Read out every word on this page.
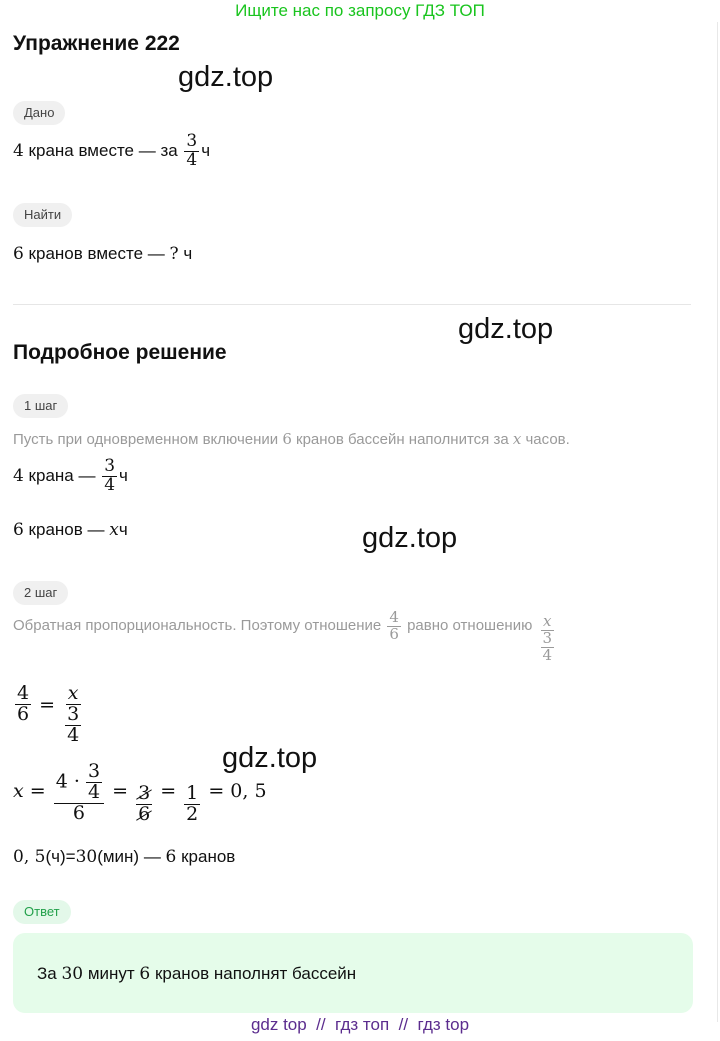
Ищите нас по запросу ГДЗ ТОП
Упражнение 222
gdz.top
Дано
4 крана вместе — за $\frac{3}{4}$ ч
Найти
6 кранов вместе — ? ч
gdz.top
Подробное решение
1 шаг
Пусть при одновременном включении 6 кранов бассейн наполнится за x часов.
4 крана — $\frac{3}{4}$ ч
6 кранов — xч	gdz.top
2 шаг
Обратная пропорциональность. Поэтому отношение $\frac{4}{6}$ равно отношению $\frac{x}{\frac{3}{4}}$
$\frac{4}{6} = \frac{x}{\frac{3}{4}}$
gdz.top
$x = \frac{4 \cdot \frac{3}{4}}{6} = \frac{3}{6} = \frac{1}{2} = 0$, 5
0, 5(ч)=30(мин) — 6 кранов
Ответ
За 30 минут 6 кранов наполнят бассейн
gdz top  //  гдз топ  //  гдз top
